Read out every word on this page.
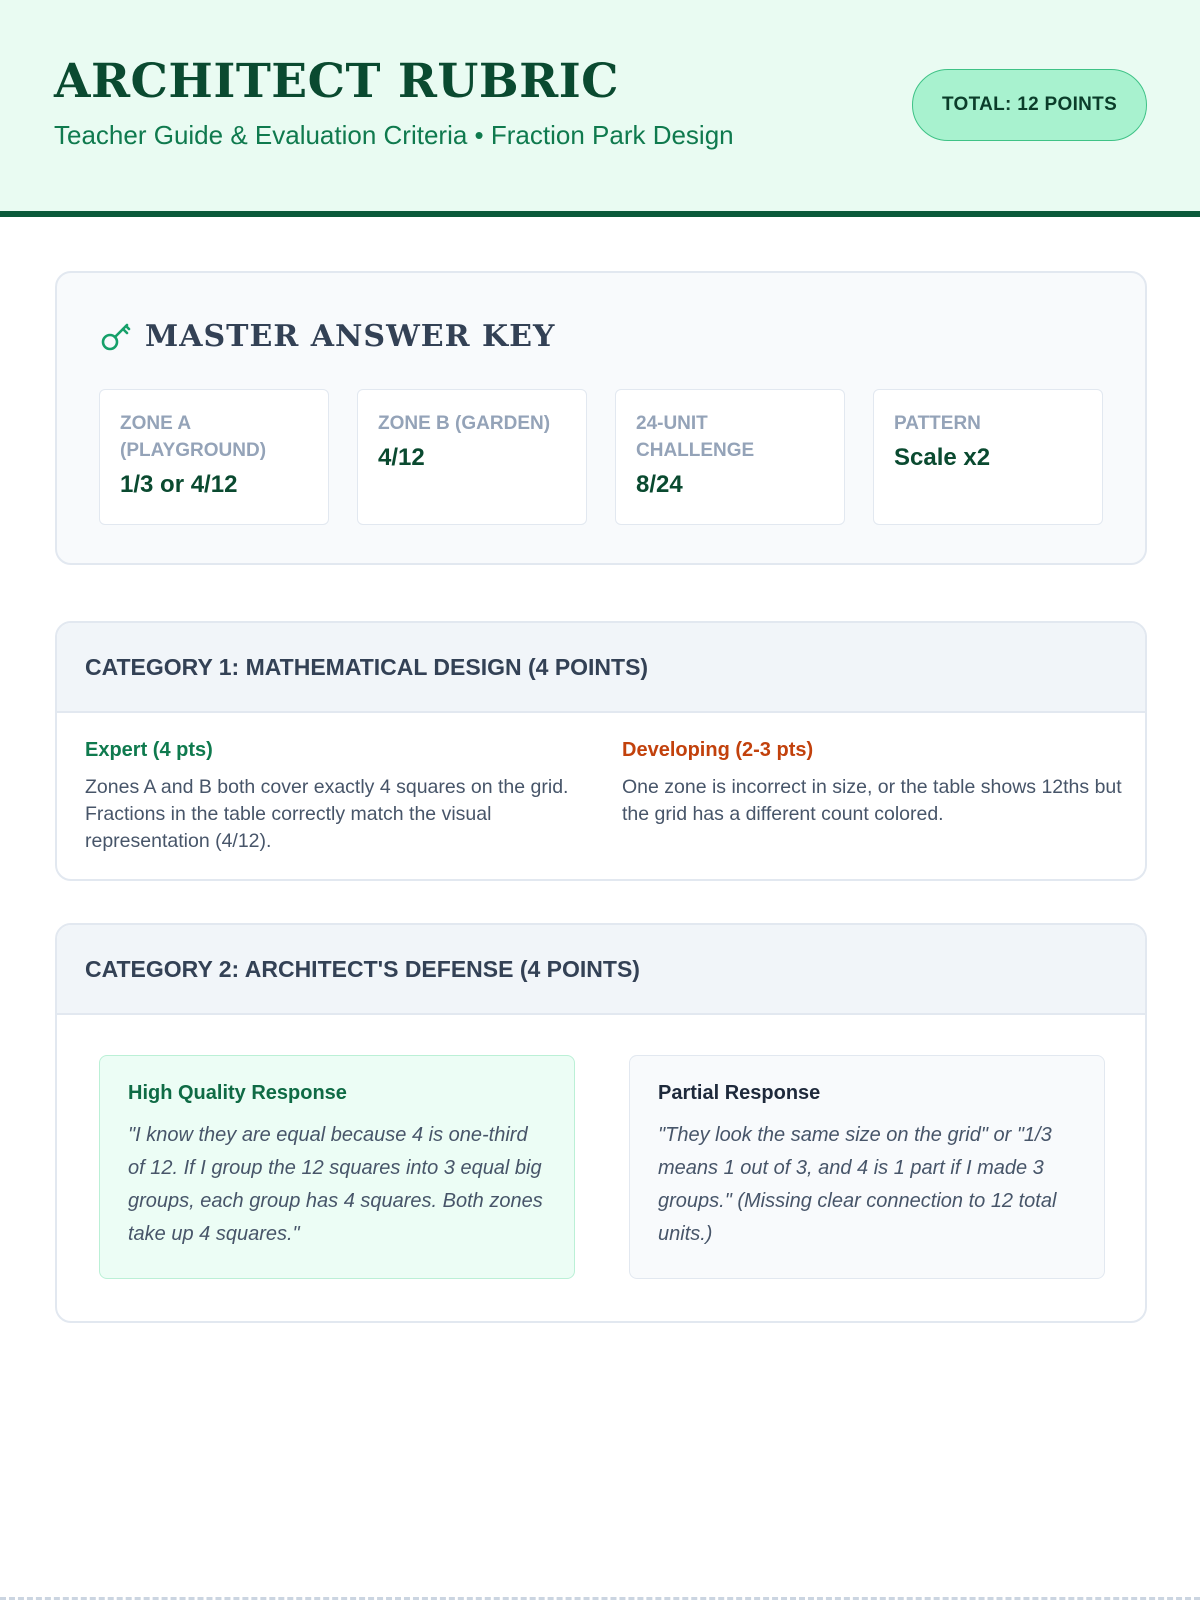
ARCHITECT RUBRIC
Teacher Guide & Evaluation Criteria • Fraction Park Design
TOTAL: 12 POINTS
MASTER ANSWER KEY
ZONE A (PLAYGROUND)
1/3 or 4/12
ZONE B (GARDEN)
4/12
24-UNIT CHALLENGE
8/24
PATTERN
Scale x2
CATEGORY 1: MATHEMATICAL DESIGN (4 POINTS)
Expert (4 pts)
Zones A and B both cover exactly 4 squares on the grid. Fractions in the table correctly match the visual representation (4/12).
Developing (2-3 pts)
One zone is incorrect in size, or the table shows 12ths but the grid has a different count colored.
CATEGORY 2: ARCHITECT'S DEFENSE (4 POINTS)
High Quality Response
"I know they are equal because 4 is one-third of 12. If I group the 12 squares into 3 equal big groups, each group has 4 squares. Both zones take up 4 squares."
Partial Response
"They look the same size on the grid" or "1/3 means 1 out of 3, and 4 is 1 part if I made 3 groups." (Missing clear connection to 12 total units.)
